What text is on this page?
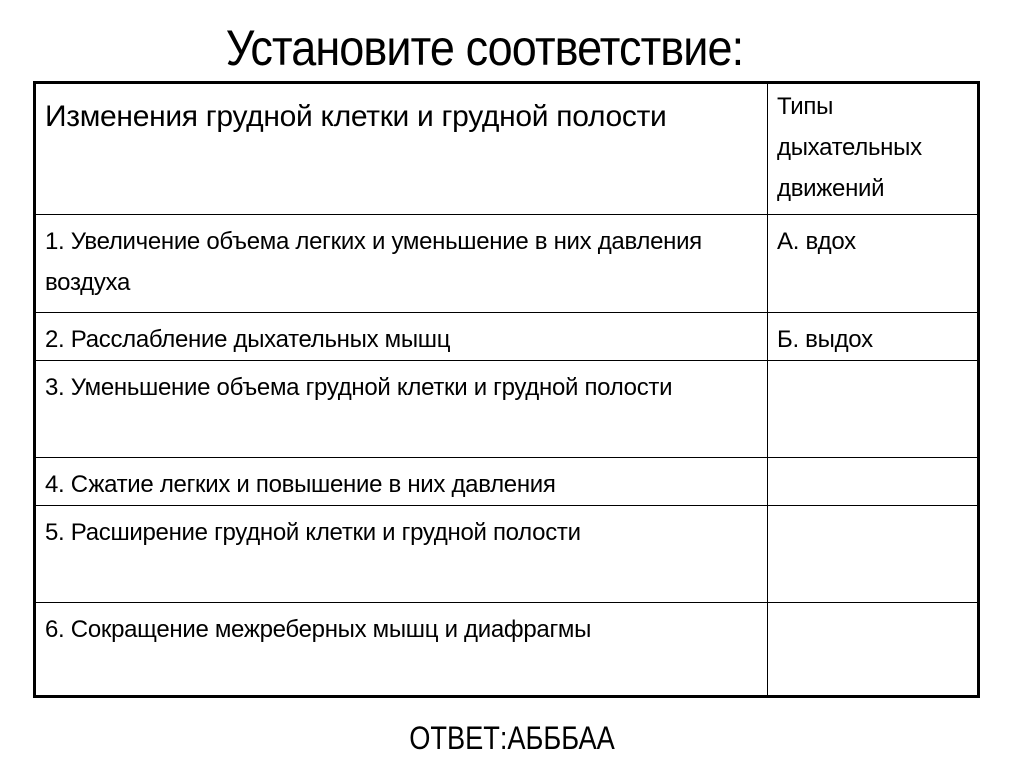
Установите соответствие:
Изменения грудной клетки и грудной полости	Типы дыхательных движений
1. Увеличение объема легких и уменьшение в них давления воздуха	А. вдох
2. Расслабление дыхательных мышц	Б. выдох
3. Уменьшение объема грудной клетки и грудной полости	
4. Сжатие легких и повышение в них давления	
5. Расширение грудной клетки и грудной полости	
6. Сокращение межреберных мышц и диафрагмы	
ОТВЕТ:АБББАА
